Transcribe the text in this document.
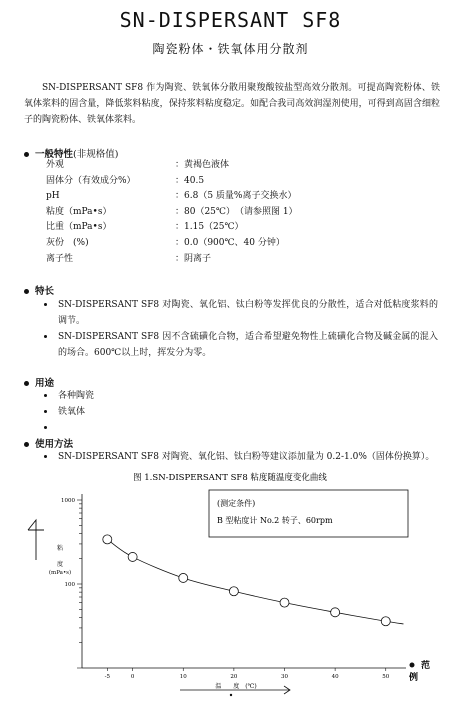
SN-DISPERSANT SF8
陶瓷粉体・铁氧体用分散剂
SN-DISPERSANT SF8 作为陶瓷、铁氧体分散用聚羧酸铵盐型高效分散剂。可提高陶瓷粉体、铁氧体浆料的固含量，降低浆料粘度，保持浆料粘度稳定。如配合我司高效润湿剂使用，可得到高固含细粒子的陶瓷粉体、铁氧体浆料。
一般特性(非规格值)
外观	：黄褐色液体
固体分（有效成分%）	：40.5
pH	：6.8（5 质量%离子交换水）
粘度（mPa•s）	：80（25℃）　（请参照图 1）
比重（mPa•s）	：1.15（25℃）
灰份　(%)	：0.0（900℃、40 分钟）
离子性	：阴离子
特长
SN-DISPERSANT SF8 对陶瓷、氧化铝、钛白粉等发挥优良的分散性，适合对低粘度浆料的调节。
SN-DISPERSANT SF8 因不含硫磺化合物，适合希望避免物性上硫磺化合物及碱金属的混入的场合。600℃以上时，挥发分为零。
用途
各种陶瓷
铁氧体
使用方法
SN-DISPERSANT SF8 对陶瓷、氧化铝、钛白粉等建议添加量为 0.2-1.0%（固体份换算）。
图 1.SN-DISPERSANT SF8 粘度随温度变化曲线
(测定条件)
B 型粘度计 No.2 转子、60rpm
粘
度
(mPa•s)
温　　度　(℃)
范
例
1000
100
-5	0	10	20	30	40	50
